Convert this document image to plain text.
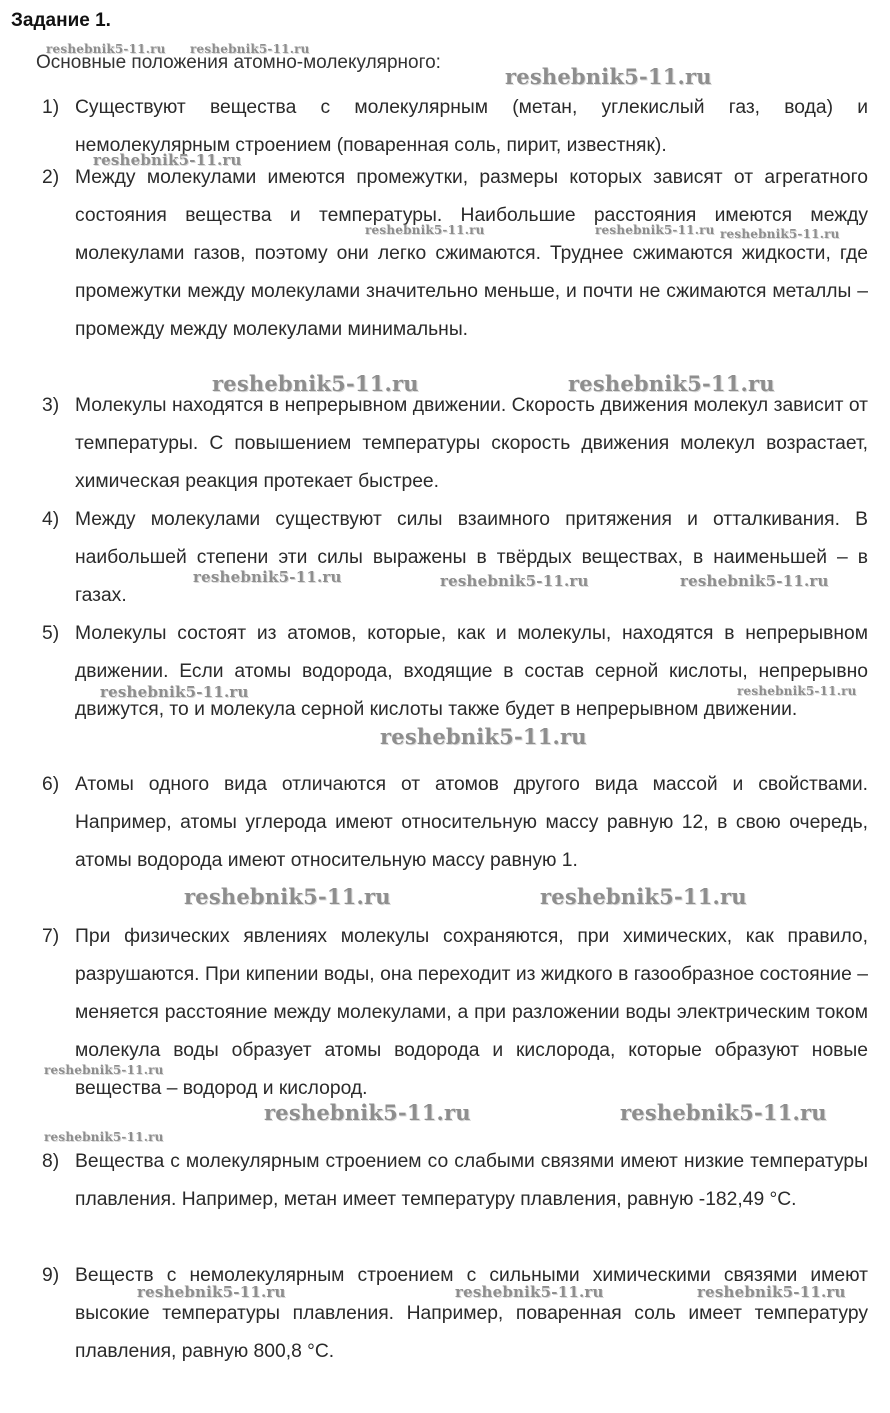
Задание 1.
Основные положения атомно-молекулярного:
1) Существуют вещества с молекулярным (метан, углекислый газ, вода) и немолекулярным строением (поваренная соль, пирит, известняк).
2) Между молекулами имеются промежутки, размеры которых зависят от агрегатного состояния вещества и температуры. Наибольшие расстояния имеются между молекулами газов, поэтому они легко сжимаются. Труднее сжимаются жидкости, где промежутки между молекулами значительно меньше, и почти не сжимаются металлы – промежду между молекулами минимальны.
3) Молекулы находятся в непрерывном движении. Скорость движения молекул зависит от температуры. С повышением температуры скорость движения молекул возрастает, химическая реакция протекает быстрее.
4) Между молекулами существуют силы взаимного притяжения и отталкивания. В наибольшей степени эти силы выражены в твёрдых веществах, в наименьшей – в газах.
5) Молекулы состоят из атомов, которые, как и молекулы, находятся в непрерывном движении. Если атомы водорода, входящие в состав серной кислоты, непрерывно движутся, то и молекула серной кислоты также будет в непрерывном движении.
6) Атомы одного вида отличаются от атомов другого вида массой и свойствами. Например, атомы углерода имеют относительную массу равную 12, в свою очередь, атомы водорода имеют относительную массу равную 1.
7) При физических явлениях молекулы сохраняются, при химических, как правило, разрушаются. При кипении воды, она переходит из жидкого в газообразное состояние – меняется расстояние между молекулами, а при разложении воды электрическим током молекула воды образует атомы водорода и кислорода, которые образуют новые вещества – водород и кислород.
8) Вещества с молекулярным строением со слабыми связями имеют низкие температуры плавления. Например, метан имеет температуру плавления, равную -182,49 °С.
9) Веществ с немолекулярным строением с сильными химическими связями имеют высокие температуры плавления. Например, поваренная соль имеет температуру плавления, равную 800,8 °С.
reshebnik5-11.ru reshebnik5-11.ru
reshebnik5-11.ru
reshebnik5-11.ru
reshebnik5-11.ru	reshebnik5-11.ru reshebnik5-11.ru
reshebnik5-11.ru	reshebnik5-11.ru
reshebnik5-11.ru	reshebnik5-11.ru	reshebnik5-11.ru
reshebnik5-11.ru	reshebnik5-11.ru
reshebnik5-11.ru
reshebnik5-11.ru	reshebnik5-11.ru
reshebnik5-11.ru
reshebnik5-11.ru	reshebnik5-11.ru
reshebnik5-11.ru
reshebnik5-11.ru	reshebnik5-11.ru	reshebnik5-11.ru
